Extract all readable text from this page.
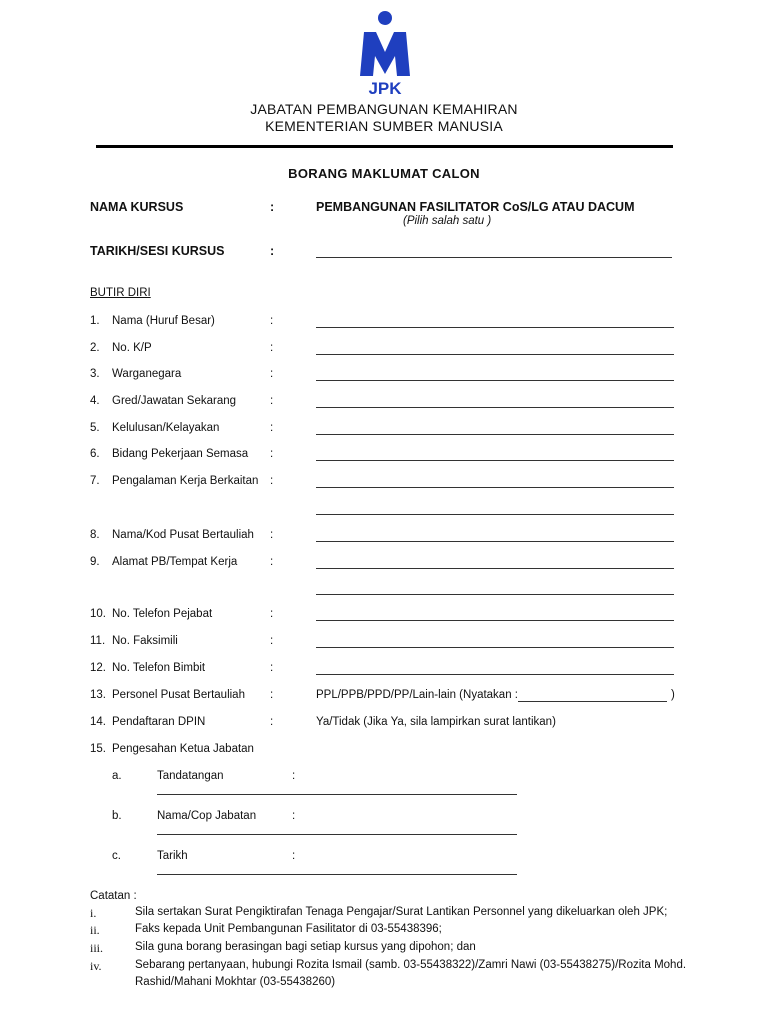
JPK
JABATAN PEMBANGUNAN KEMAHIRAN
KEMENTERIAN SUMBER MANUSIA
BORANG MAKLUMAT CALON
NAMA KURSUS	:	PEMBANGUNAN FASILITATOR CoS/LG ATAU DACUM
(Pilih salah satu )
TARIKH/SESI KURSUS	:
BUTIR DIRI
1. Nama (Huruf Besar)	:
2. No. K/P	:
3. Warganegara	:
4. Gred/Jawatan Sekarang	:
5. Kelulusan/Kelayakan	:
6. Bidang Pekerjaan Semasa :
7. Pengalaman Kerja Berkaitan :
8. Nama/Kod Pusat Bertauliah :
9. Alamat PB/Tempat Kerja	:
10. No. Telefon Pejabat	:
11. No. Faksimili	:
12. No. Telefon Bimbit	:
13. Personel Pusat Bertauliah :	PPL/PPB/PPD/PP/Lain-lain (Nyatakan :	)
14. Pendaftaran DPIN	:	Ya/Tidak (Jika Ya, sila lampirkan surat lantikan)
15. Pengesahan Ketua Jabatan
a.	Tandatangan	:
b.	Nama/Cop Jabatan	:
c.	Tarikh	:
Catatan :
i.	Sila sertakan Surat Pengiktirafan Tenaga Pengajar/Surat Lantikan Personnel yang dikeluarkan oleh JPK;
ii.	Faks kepada Unit Pembangunan Fasilitator di 03-55438396;
iii.	Sila guna borang berasingan bagi setiap kursus yang dipohon; dan
iv.	Sebarang pertanyaan, hubungi Rozita Ismail (samb. 03-55438322)/Zamri Nawi (03-55438275)/Rozita Mohd.
Rashid/Mahani Mokhtar (03-55438260)
